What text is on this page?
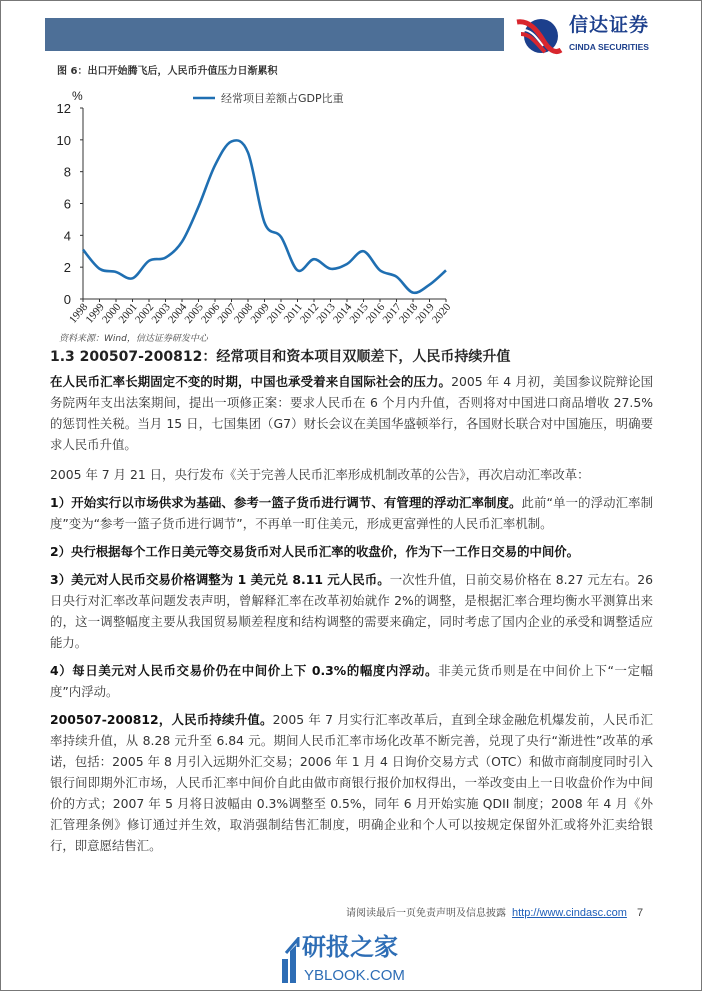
信达证券
CINDA SECURITIES
图 6：出口开始腾飞后，人民币升值压力日渐累积
0
2
4
6
8
10
12
%
1998
1999
2000
2001
2002
2003
2004
2005
2006
2007
2008
2009
2010
2011
2012
2013
2014
2015
2016
2017
2018
2019
2020
经常项目差额占GDP比重
资料来源：Wind，信达证券研发中心
1.3 200507-200812：经常项目和资本项目双顺差下，人民币持续升值
在人民币汇率长期固定不变的时期，中国也承受着来自国际社会的压力。2005 年 4 月初，美国参议院辩论国务院两年支出法案期间，提出一项修正案：要求人民币在 6 个月内升值，否则将对中国进口商品增收 27.5%的惩罚性关税。当月 15 日，七国集团（G7）财长会议在美国华盛顿举行，各国财长联合对中国施压，明确要求人民币升值。
2005 年 7 月 21 日，央行发布《关于完善人民币汇率形成机制改革的公告》，再次启动汇率改革：
1）开始实行以市场供求为基础、参考一篮子货币进行调节、有管理的浮动汇率制度。此前“单一的浮动汇率制度”变为“参考一篮子货币进行调节”，不再单一盯住美元，形成更富弹性的人民币汇率机制。
2）央行根据每个工作日美元等交易货币对人民币汇率的收盘价，作为下一工作日交易的中间价。
3）美元对人民币交易价格调整为 1 美元兑 8.11 元人民币。一次性升值，日前交易价格在 8.27 元左右。26 日央行对汇率改革问题发表声明，曾解释汇率在改革初始就作 2%的调整，是根据汇率合理均衡水平测算出来的，这一调整幅度主要从我国贸易顺差程度和结构调整的需要来确定，同时考虑了国内企业的承受和调整适应能力。
4）每日美元对人民币交易价仍在中间价上下 0.3%的幅度内浮动。非美元货币则是在中间价上下“一定幅度”内浮动。
200507-200812，人民币持续升值。2005 年 7 月实行汇率改革后，直到全球金融危机爆发前，人民币汇率持续升值，从 8.28 元升至 6.84 元。期间人民币汇率市场化改革不断完善，兑现了央行“渐进性”改革的承诺，包括：2005 年 8 月引入远期外汇交易；2006 年 1 月 4 日询价交易方式（OTC）和做市商制度同时引入银行间即期外汇市场，人民币汇率中间价自此由做市商银行报价加权得出，一举改变由上一日收盘价作为中间价的方式；2007 年 5 月将日波幅由 0.3%调整至 0.5%，同年 6 月开始实施 QDII 制度；2008 年 4 月《外汇管理条例》修订通过并生效，取消强制结售汇制度，明确企业和个人可以按规定保留外汇或将外汇卖给银行，即意愿结售汇。
请阅读最后一页免责声明及信息披露 http://www.cindasc.com 7
研报之家
YBLOOK.COM
